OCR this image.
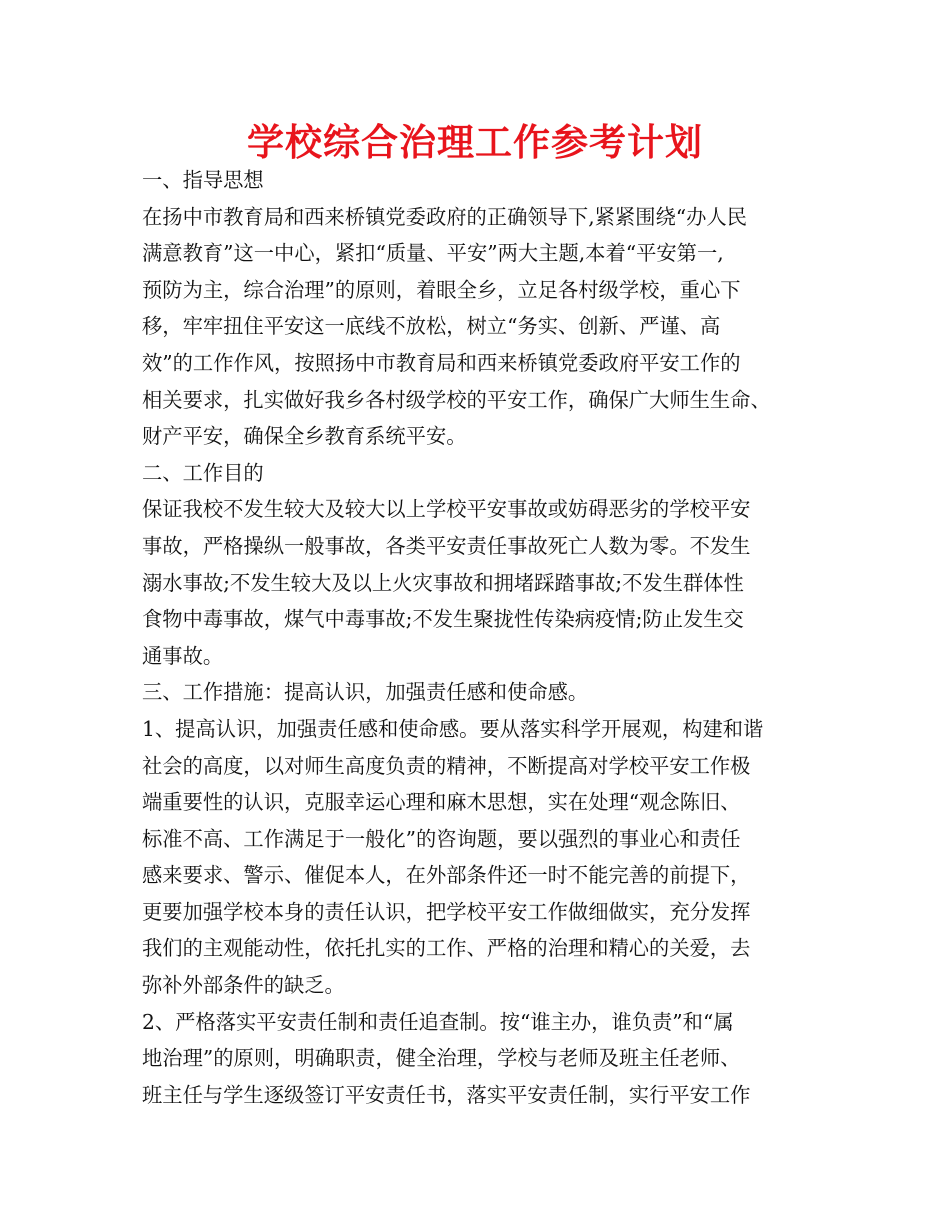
学校综合治理工作参考计划
一、指导思想
在扬中市教育局和西来桥镇党委政府的正确领导下,紧紧围绕“办人民
满意教育”这一中心，紧扣“质量、平安”两大主题,本着“平安第一,
预防为主，综合治理”的原则，着眼全乡，立足各村级学校，重心下
移，牢牢扭住平安这一底线不放松，树立“务实、创新、严谨、高
效”的工作作风，按照扬中市教育局和西来桥镇党委政府平安工作的
相关要求，扎实做好我乡各村级学校的平安工作，确保广大师生生命、
财产平安，确保全乡教育系统平安。
二、工作目的
保证我校不发生较大及较大以上学校平安事故或妨碍恶劣的学校平安
事故，严格操纵一般事故，各类平安责任事故死亡人数为零。不发生
溺水事故;不发生较大及以上火灾事故和拥堵踩踏事故;不发生群体性
食物中毒事故，煤气中毒事故;不发生聚拢性传染病疫情;防止发生交
通事故。
三、工作措施：提高认识，加强责任感和使命感。
1、提高认识，加强责任感和使命感。要从落实科学开展观，构建和谐
社会的高度，以对师生高度负责的精神，不断提高对学校平安工作极
端重要性的认识，克服幸运心理和麻木思想，实在处理“观念陈旧、
标准不高、工作满足于一般化”的咨询题，要以强烈的事业心和责任
感来要求、警示、催促本人，在外部条件还一时不能完善的前提下，
更要加强学校本身的责任认识，把学校平安工作做细做实，充分发挥
我们的主观能动性，依托扎实的工作、严格的治理和精心的关爱，去
弥补外部条件的缺乏。
2、严格落实平安责任制和责任追查制。按“谁主办，谁负责”和“属
地治理”的原则，明确职责，健全治理，学校与老师及班主任老师、
班主任与学生逐级签订平安责任书，落实平安责任制，实行平安工作
